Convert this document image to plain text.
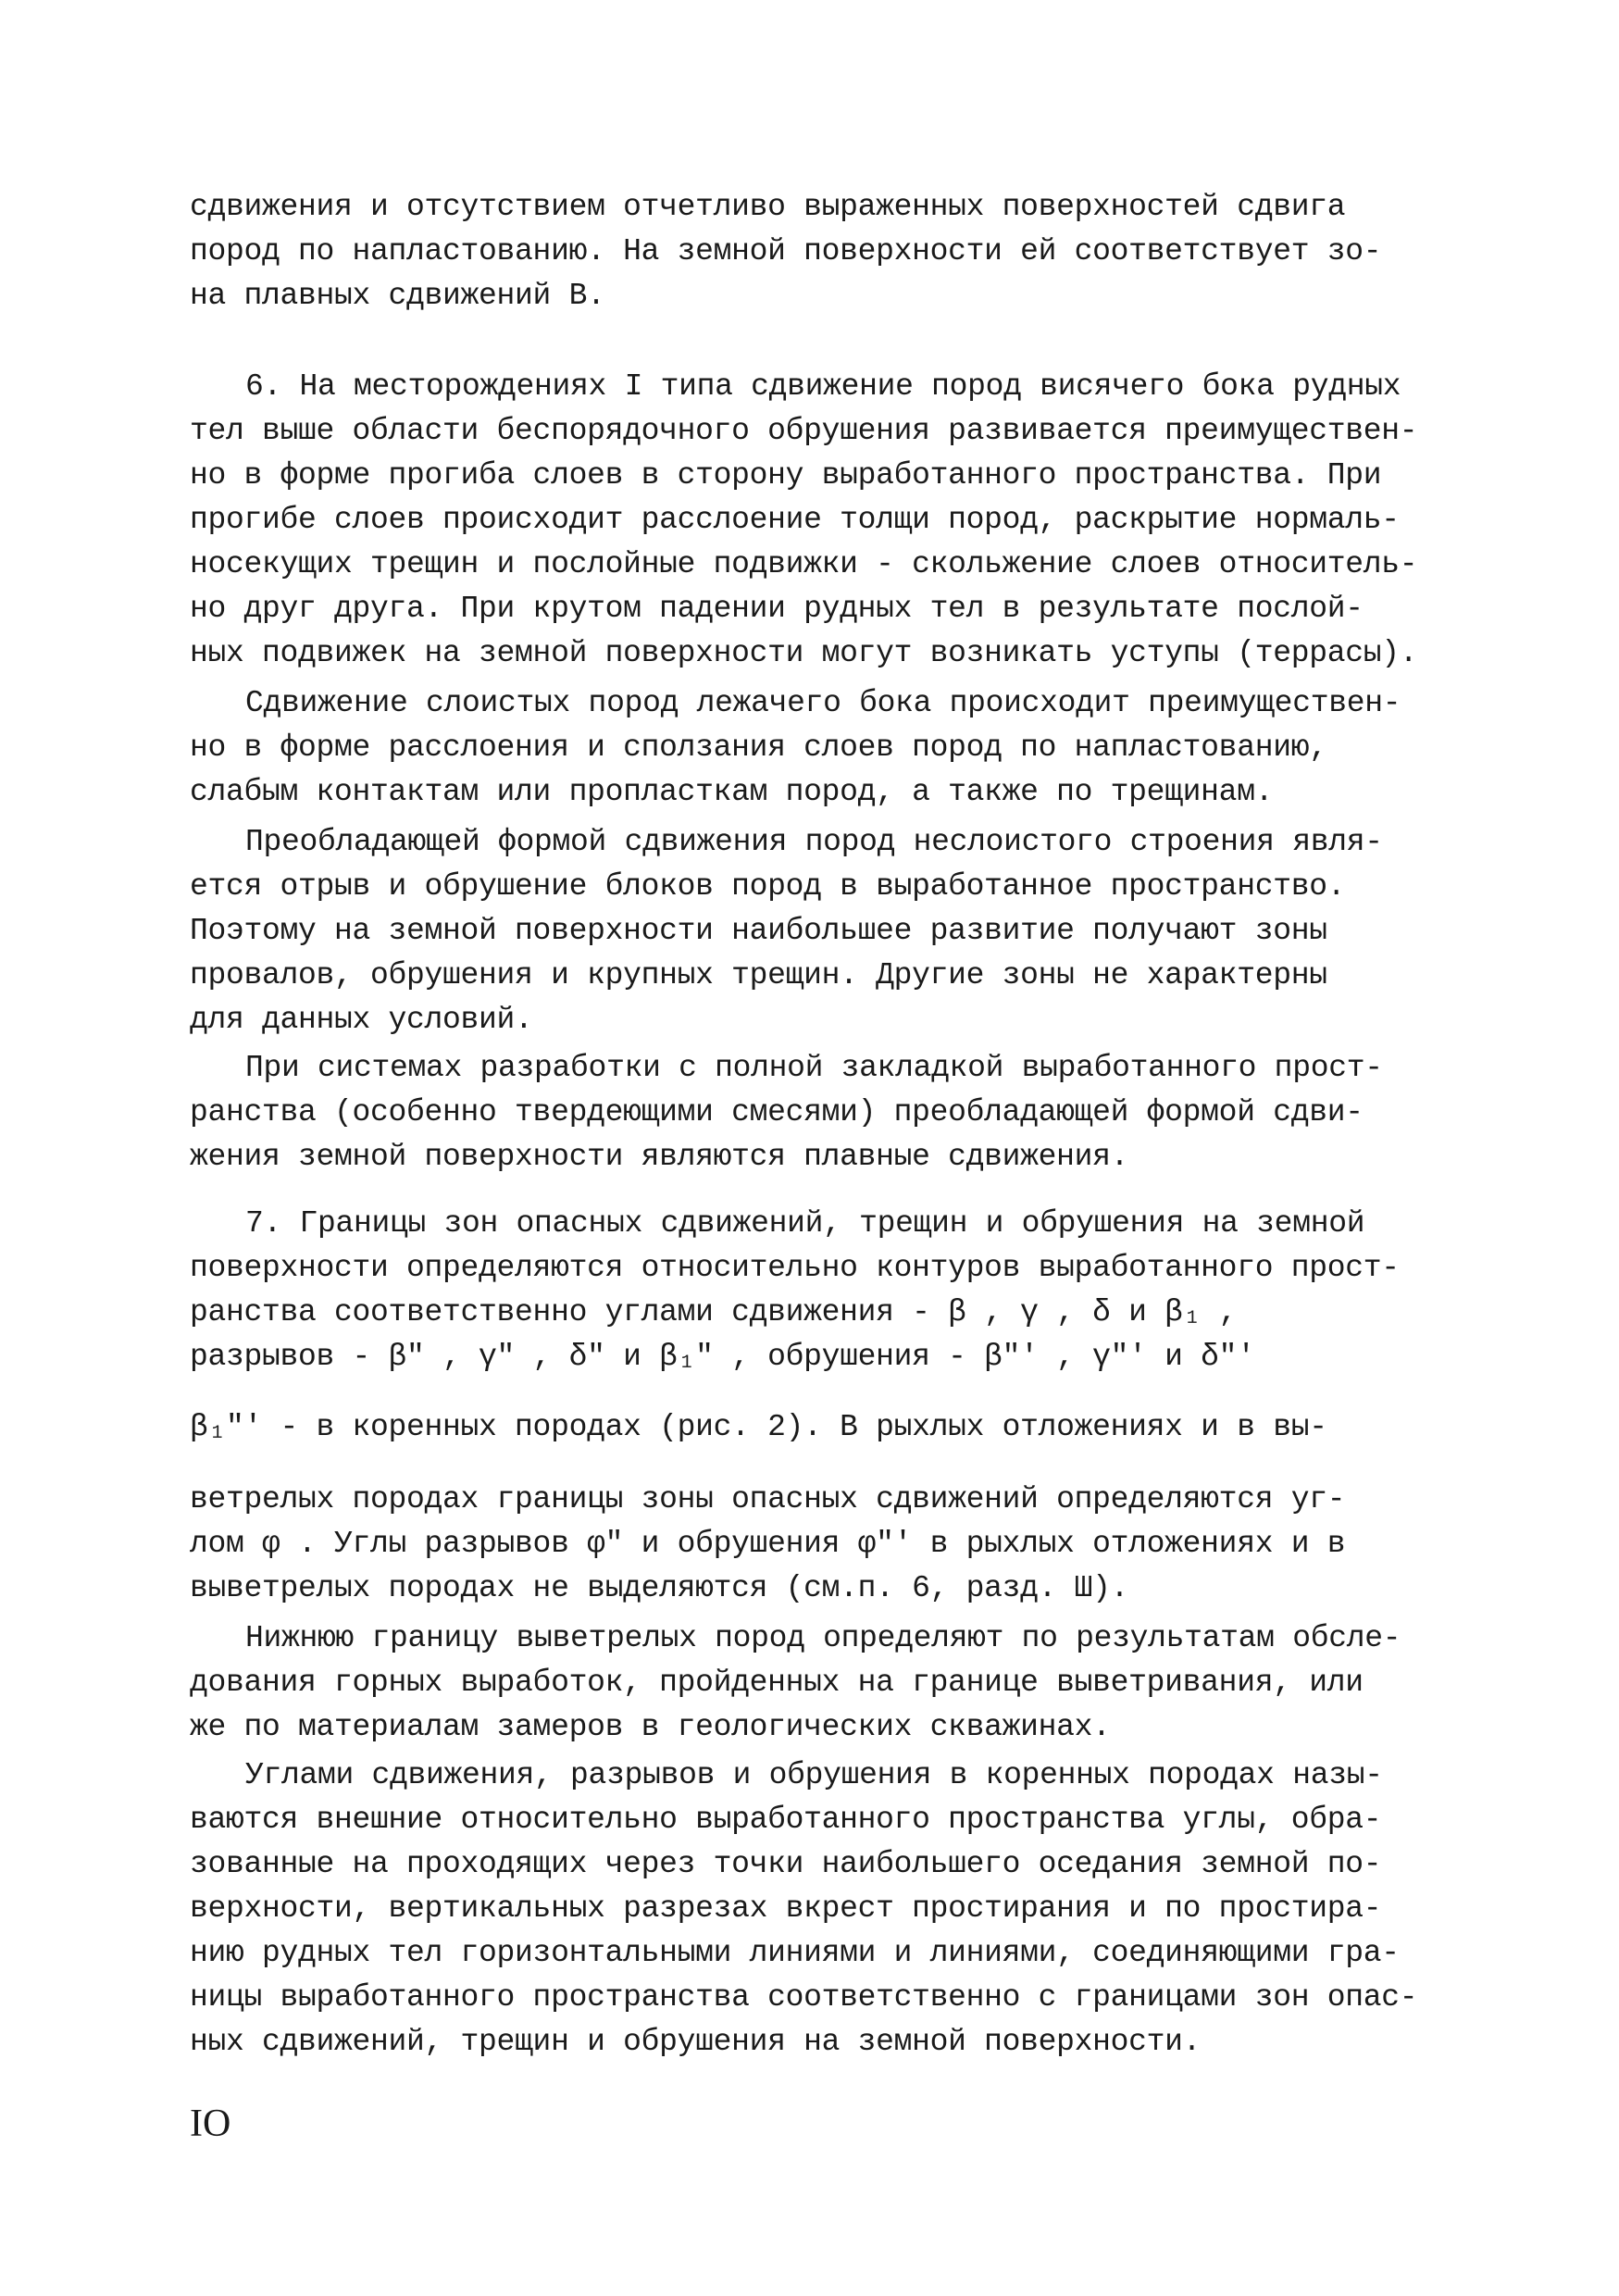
сдвижения и отсутствием отчетливо выраженных поверхностей сдвига
пород по напластованию. На земной поверхности ей соответствует зо-
на плавных сдвижений В.
6. На месторождениях I типа сдвижение пород висячего бока рудных
тел выше области беспорядочного обрушения развивается преимуществен-
но в форме прогиба слоев в сторону выработанного пространства. При
прогибе слоев происходит расслоение толщи пород, раскрытие нормаль-
носекущих трещин и послойные подвижки - скольжение слоев относитель-
но друг друга. При крутом падении рудных тел в результате послой-
ных подвижек на земной поверхности могут возникать уступы (террасы).
Сдвижение слоистых пород лежачего бока происходит преимуществен-
но в форме расслоения и сползания слоев пород по напластованию,
слабым контактам или пропласткам пород, а также по трещинам.
Преобладающей формой сдвижения пород неслоистого строения явля-
ется отрыв и обрушение блоков пород в выработанное пространство.
Поэтому на земной поверхности наибольшее развитие получают зоны
провалов, обрушения и крупных трещин. Другие зоны не характерны
для данных условий.
При системах разработки с полной закладкой выработанного прост-
ранства (особенно твердеющими смесями) преобладающей формой сдви-
жения земной поверхности являются плавные сдвижения.
7. Границы зон опасных сдвижений, трещин и обрушения на земной
поверхности определяются относительно контуров выработанного прост-
ранства соответственно углами сдвижения - β , γ , δ и β₁ ,
разрывов - β" , γ" , δ" и β₁" , обрушения - β"' , γ"' и δ"'
β₁"' - в коренных породах (рис. 2). В рыхлых отложениях и в вы-
ветрелых породах границы зоны опасных сдвижений определяются уг-
лом φ . Углы разрывов φ" и обрушения φ"' в рыхлых отложениях и в
выветрелых породах не выделяются (см.п. 6, разд. Ш).
Нижнюю границу выветрелых пород определяют по результатам обсле-
дования горных выработок, пройденных на границе выветривания, или
же по материалам замеров в геологических скважинах.
Углами сдвижения, разрывов и обрушения в коренных породах назы-
ваются внешние относительно выработанного пространства углы, обра-
зованные на проходящих через точки наибольшего оседания земной по-
верхности, вертикальных разрезах вкрест простирания и по простира-
нию рудных тел горизонтальными линиями и линиями, соединяющими гра-
ницы выработанного пространства соответственно с границами зон опас-
ных сдвижений, трещин и обрушения на земной поверхности.
IO
